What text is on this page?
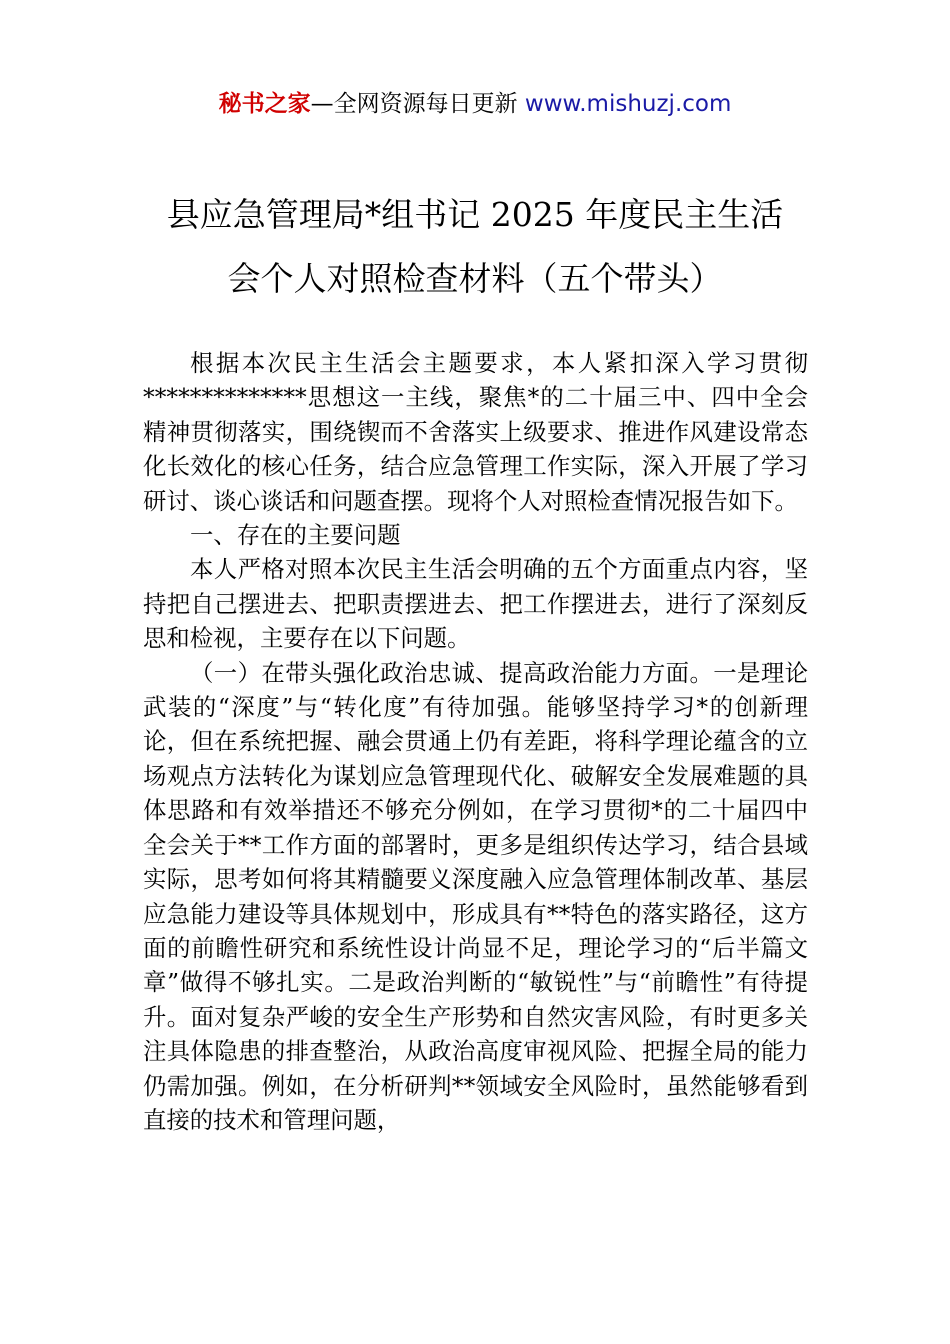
秘书之家—全网资源每日更新 www.mishuzj.com
县应急管理局*组书记 2025 年度民主生活
会个人对照检查材料（五个带头）

根据本次民主生活会主题要求，本人紧扣深入学习贯彻**************思想这一主线，聚焦*的二十届三中、四中全会精神贯彻落实，围绕锲而不舍落实上级要求、推进作风建设常态化长效化的核心任务，结合应急管理工作实际，深入开展了学习研讨、谈心谈话和问题查摆。现将个人对照检查情况报告如下。

一、存在的主要问题

本人严格对照本次民主生活会明确的五个方面重点内容，坚持把自己摆进去、把职责摆进去、把工作摆进去，进行了深刻反思和检视，主要存在以下问题。

（一）在带头强化政治忠诚、提高政治能力方面。一是理论武装的“深度”与“转化度”有待加强。能够坚持学习*的创新理论，但在系统把握、融会贯通上仍有差距，将科学理论蕴含的立场观点方法转化为谋划应急管理现代化、破解安全发展难题的具体思路和有效举措还不够充分例如，在学习贯彻*的二十届四中全会关于**工作方面的部署时，更多是组织传达学习，结合县域实际，思考如何将其精髓要义深度融入应急管理体制改革、基层应急能力建设等具体规划中，形成具有**特色的落实路径，这方面的前瞻性研究和系统性设计尚显不足，理论学习的“后半篇文章”做得不够扎实。二是政治判断的“敏锐性”与“前瞻性”有待提升。面对复杂严峻的安全生产形势和自然灾害风险，有时更多关注具体隐患的排查整治，从政治高度审视风险、把握全局的能力仍需加强。例如，在分析研判**领域安全风险时，虽然能够看到直接的技术和管理问题，
